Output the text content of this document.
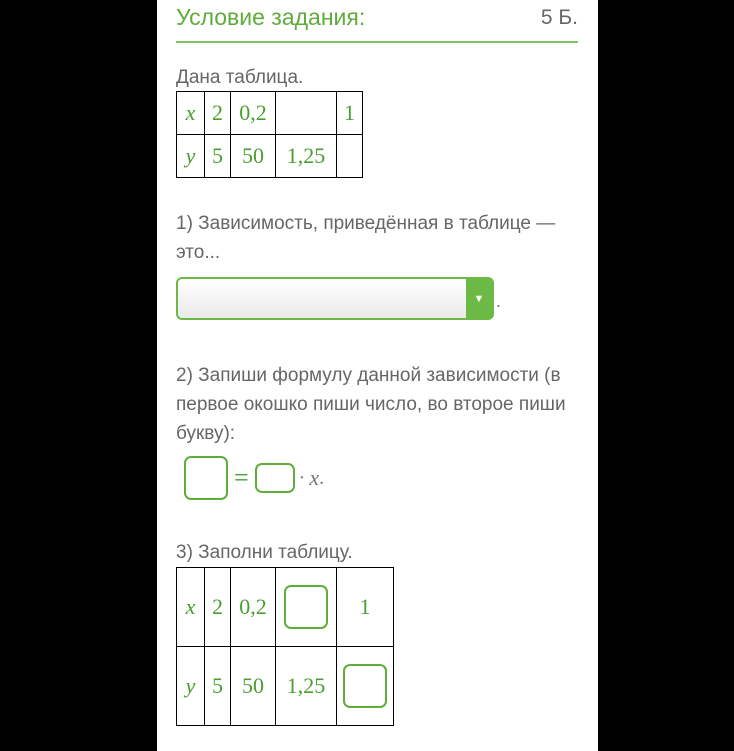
Условие задания:	5 Б.
Дана таблица.
x	2	0,2		1
y	5	50	1,25	
1) Зависимость, приведённая в таблице — это...
▼ .
2) Запиши формулу данной зависимости (в первое окошко пиши число, во второе пиши букву):
=	· x .
3) Заполни таблицу.
x	2	0,2		1
y	5	50	1,25	
